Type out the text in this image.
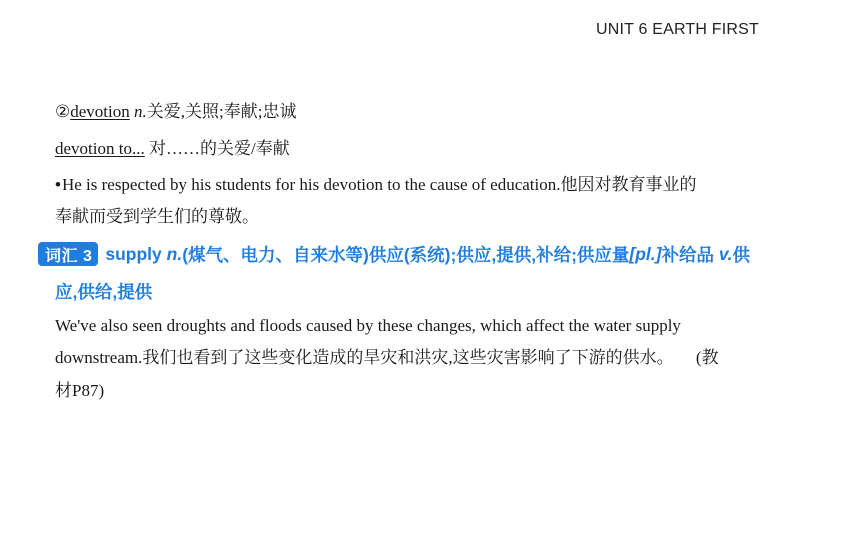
UNIT 6 EARTH FIRST
②devotion n.关爱,关照;奉献;忠诚
devotion to... 对……的关爱/奉献
•He is respected by his students for his devotion to the cause of education.他因对教育事业的
奉献而受到学生们的尊敬。
词汇 3 supply
n. (煤气、电力、自来水等)供应(系统);供应,提供,补给;供应量 [pl.] 补给品
v. 供
应,供给,提供
We've also seen droughts and floods caused by these changes, which affect the water supply
downstream.我们也看到了这些变化造成的旱灾和洪灾,这些灾害影响了下游的供水。 (教
材P87)
